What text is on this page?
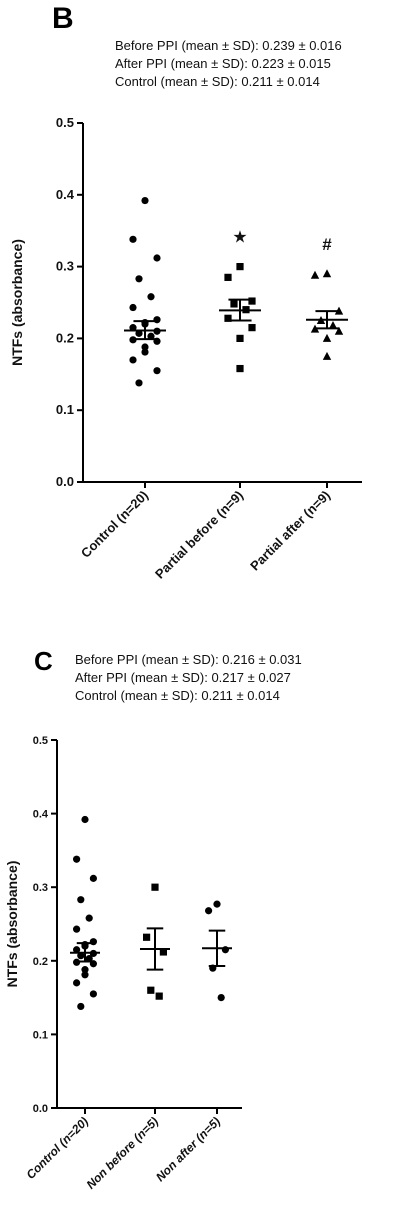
0.0
0.1
0.2
0.3
0.4
0.5
NTFs (absorbance)
Control (n=20) Partial before (n=9) Partial after (n=9)
★	#
B
Before PPI (mean ± SD): 0.239 ± 0.016
After PPI (mean ± SD): 0.223 ± 0.015
Control (mean ± SD): 0.211 ± 0.014
0.0
0.1
0.2
0.3
0.4
0.5
NTFs (absorbance)
Control (n=20)
Non before (n=5)
Non after (n=5)
C Before PPI (mean ± SD): 0.216 ± 0.031
After PPI (mean ± SD): 0.217 ± 0.027
Control (mean ± SD): 0.211 ± 0.014
